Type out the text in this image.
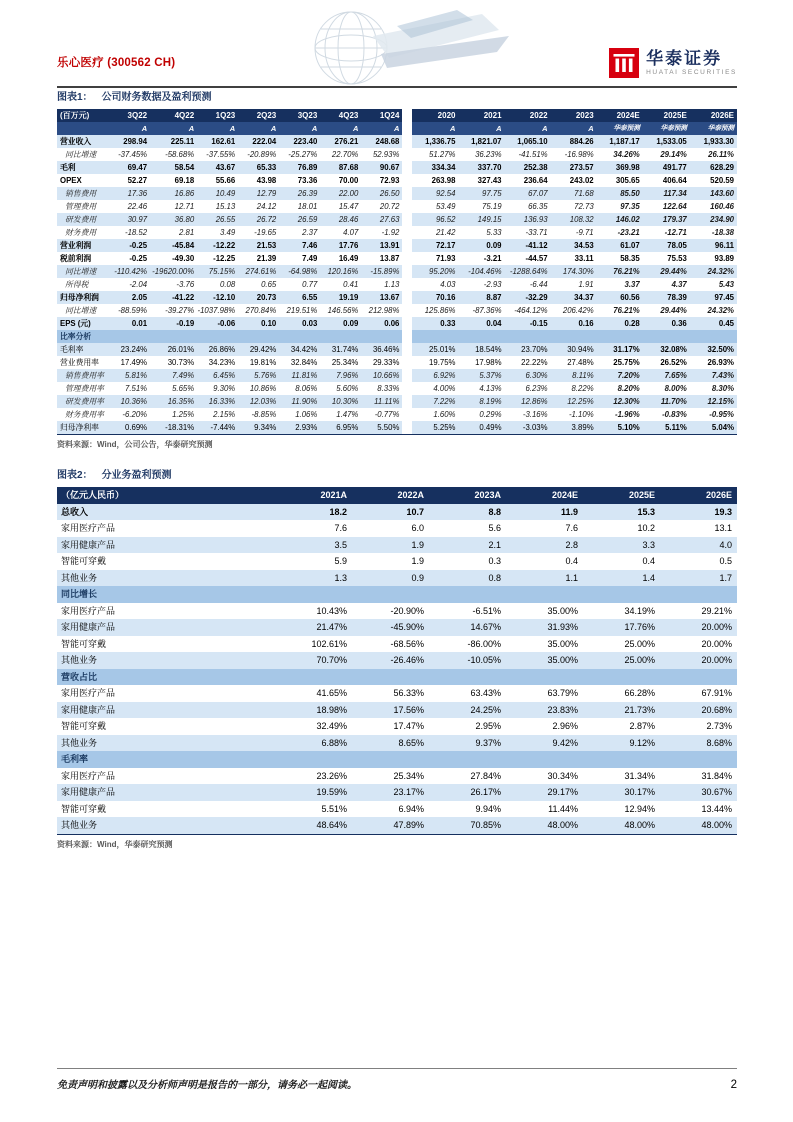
乐心医疗 (300562 CH)	华泰证券
HUATAI SECURITIES
图表1： 公司财务数据及盈利预测
(百万元)	3Q22	4Q22	1Q23	2Q23	3Q23	4Q23	1Q24		2020	2021	2022	2023	2024E	2025E	2026E
	A	A	A	A	A	A	A		A	A	A	A	华泰预测	华泰预测	华泰预测
营业收入	298.94	225.11	162.61	222.04	223.40	276.21	248.68		1,336.75	1,821.07	1,065.10	884.26	1,187.17	1,533.05	1,933.30
同比增速	-37.45%	-58.68%	-37.55%	-20.89%	-25.27%	22.70%	52.93%		51.27%	36.23%	-41.51%	-16.98%	34.26%	29.14%	26.11%
毛利	69.47	58.54	43.67	65.33	76.89	87.68	90.67		334.34	337.70	252.38	273.57	369.98	491.77	628.29
OPEX	52.27	69.18	55.66	43.98	73.36	70.00	72.93		263.98	327.43	236.64	243.02	305.65	406.64	520.59
销售费用	17.36	16.86	10.49	12.79	26.39	22.00	26.50		92.54	97.75	67.07	71.68	85.50	117.34	143.60
管理费用	22.46	12.71	15.13	24.12	18.01	15.47	20.72		53.49	75.19	66.35	72.73	97.35	122.64	160.46
研发费用	30.97	36.80	26.55	26.72	26.59	28.46	27.63		96.52	149.15	136.93	108.32	146.02	179.37	234.90
财务费用	-18.52	2.81	3.49	-19.65	2.37	4.07	-1.92		21.42	5.33	-33.71	-9.71	-23.21	-12.71	-18.38
营业利润	-0.25	-45.84	-12.22	21.53	7.46	17.76	13.91		72.17	0.09	-41.12	34.53	61.07	78.05	96.11
税前利润	-0.25	-49.30	-12.25	21.39	7.49	16.49	13.87		71.93	-3.21	-44.57	33.11	58.35	75.53	93.89
同比增速	-110.42%	-19620.00%	75.15%	274.61%	-64.98%	120.16%	-15.89%		95.20%	-104.46%	-1288.64%	174.30%	76.21%	29.44%	24.32%
所得税	-2.04	-3.76	0.08	0.65	0.77	0.41	1.13		4.03	-2.93	-6.44	1.91	3.37	4.37	5.43
归母净利润	2.05	-41.22	-12.10	20.73	6.55	19.19	13.67		70.16	8.87	-32.29	34.37	60.56	78.39	97.45
同比增速	-88.59%	-39.27%	-1037.98%	270.84%	219.51%	146.56%	212.98%		125.86%	-87.36%	-464.12%	206.42%	76.21%	29.44%	24.32%
EPS (元)	0.01	-0.19	-0.06	0.10	0.03	0.09	0.06		0.33	0.04	-0.15	0.16	0.28	0.36	0.45
比率分析															
毛利率	23.24%	26.01%	26.86%	29.42%	34.42%	31.74%	36.46%		25.01%	18.54%	23.70%	30.94%	31.17%	32.08%	32.50%
营业费用率	17.49%	30.73%	34.23%	19.81%	32.84%	25.34%	29.33%		19.75%	17.98%	22.22%	27.48%	25.75%	26.52%	26.93%
销售费用率	5.81%	7.49%	6.45%	5.76%	11.81%	7.96%	10.66%		6.92%	5.37%	6.30%	8.11%	7.20%	7.65%	7.43%
管理费用率	7.51%	5.65%	9.30%	10.86%	8.06%	5.60%	8.33%		4.00%	4.13%	6.23%	8.22%	8.20%	8.00%	8.30%
研发费用率	10.36%	16.35%	16.33%	12.03%	11.90%	10.30%	11.11%		7.22%	8.19%	12.86%	12.25%	12.30%	11.70%	12.15%
财务费用率	-6.20%	1.25%	2.15%	-8.85%	1.06%	1.47%	-0.77%		1.60%	0.29%	-3.16%	-1.10%	-1.96%	-0.83%	-0.95%
归母净利率	0.69%	-18.31%	-7.44%	9.34%	2.93%	6.95%	5.50%		5.25%	0.49%	-3.03%	3.89%	5.10%	5.11%	5.04%
资料来源：Wind，公司公告，华泰研究预测
图表2： 分业务盈利预测
（亿元人民币）	2021A	2022A	2023A	2024E	2025E	2026E
总收入	18.2	10.7	8.8	11.9	15.3	19.3
家用医疗产品	7.6	6.0	5.6	7.6	10.2	13.1
家用健康产品	3.5	1.9	2.1	2.8	3.3	4.0
智能可穿戴	5.9	1.9	0.3	0.4	0.4	0.5
其他业务	1.3	0.9	0.8	1.1	1.4	1.7
同比增长						
家用医疗产品	10.43%	-20.90%	-6.51%	35.00%	34.19%	29.21%
家用健康产品	21.47%	-45.90%	14.67%	31.93%	17.76%	20.00%
智能可穿戴	102.61%	-68.56%	-86.00%	35.00%	25.00%	20.00%
其他业务	70.70%	-26.46%	-10.05%	35.00%	25.00%	20.00%
营收占比						
家用医疗产品	41.65%	56.33%	63.43%	63.79%	66.28%	67.91%
家用健康产品	18.98%	17.56%	24.25%	23.83%	21.73%	20.68%
智能可穿戴	32.49%	17.47%	2.95%	2.96%	2.87%	2.73%
其他业务	6.88%	8.65%	9.37%	9.42%	9.12%	8.68%
毛利率						
家用医疗产品	23.26%	25.34%	27.84%	30.34%	31.34%	31.84%
家用健康产品	19.59%	23.17%	26.17%	29.17%	30.17%	30.67%
智能可穿戴	5.51%	6.94%	9.94%	11.44%	12.94%	13.44%
其他业务	48.64%	47.89%	70.85%	48.00%	48.00%	48.00%
资料来源：Wind，华泰研究预测
免责声明和披露以及分析师声明是报告的一部分，请务必一起阅读。	2
